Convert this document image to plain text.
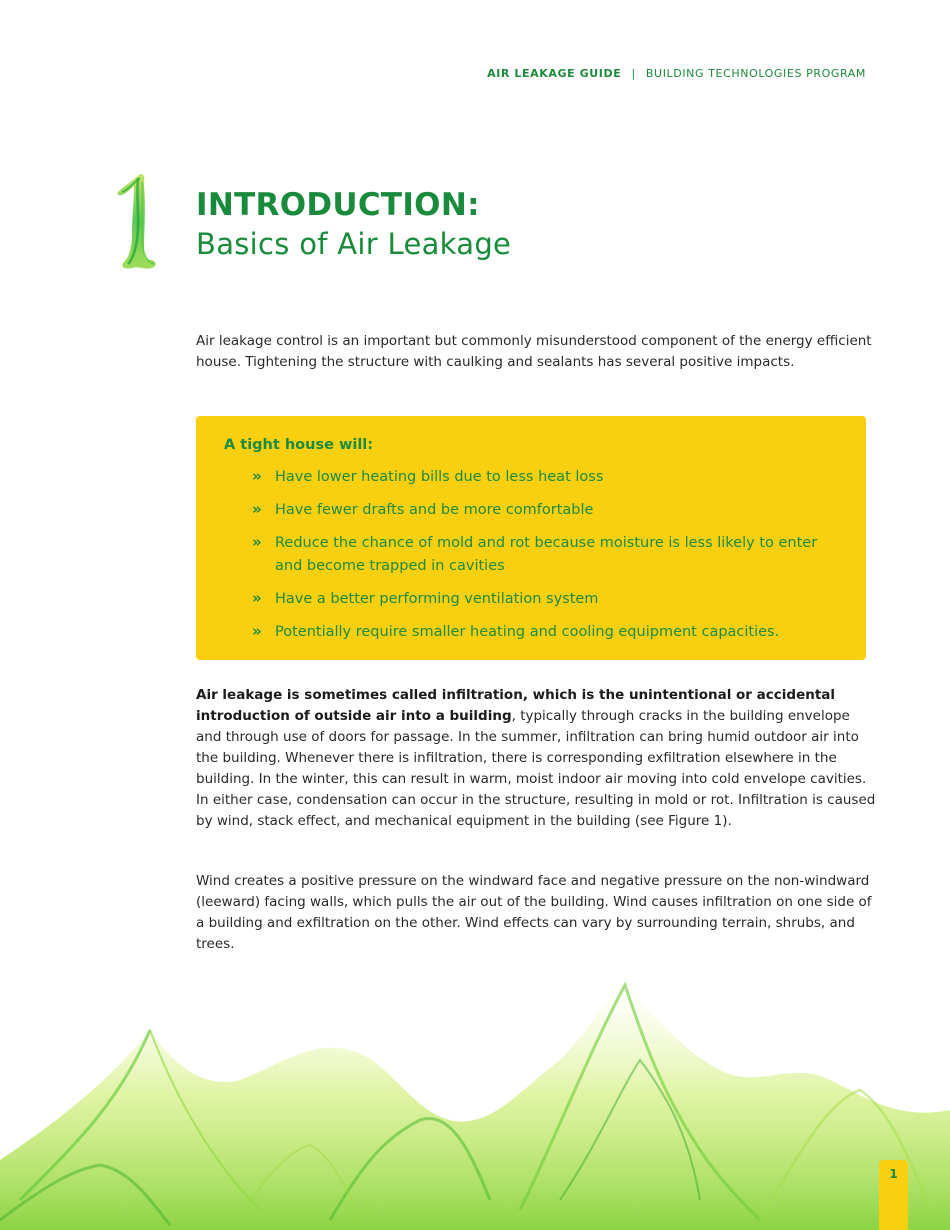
AIR LEAKAGE GUIDE | BUILDING TECHNOLOGIES PROGRAM
INTRODUCTION:
Basics of Air Leakage

Air leakage control is an important but commonly misunderstood component of the energy efficient house. Tightening the structure with caulking and sealants has several positive impacts.

A tight house will:
» Have lower heating bills due to less heat loss
» Have fewer drafts and be more comfortable
» Reduce the chance of mold and rot because moisture is less likely to enter and become trapped in cavities
» Have a better performing ventilation system
» Potentially require smaller heating and cooling equipment capacities.

Air leakage is sometimes called infiltration, which is the unintentional or accidental introduction of outside air into a building, typically through cracks in the building envelope and through use of doors for passage. In the summer, infiltration can bring humid outdoor air into the building. Whenever there is infiltration, there is corresponding exfiltration elsewhere in the building. In the winter, this can result in warm, moist indoor air moving into cold envelope cavities. In either case, condensation can occur in the structure, resulting in mold or rot. Infiltration is caused by wind, stack effect, and mechanical equipment in the building (see Figure 1).

Wind creates a positive pressure on the windward face and negative pressure on the non-windward (leeward) facing walls, which pulls the air out of the building. Wind causes infiltration on one side of a building and exfiltration on the other. Wind effects can vary by surrounding terrain, shrubs, and trees.

1
